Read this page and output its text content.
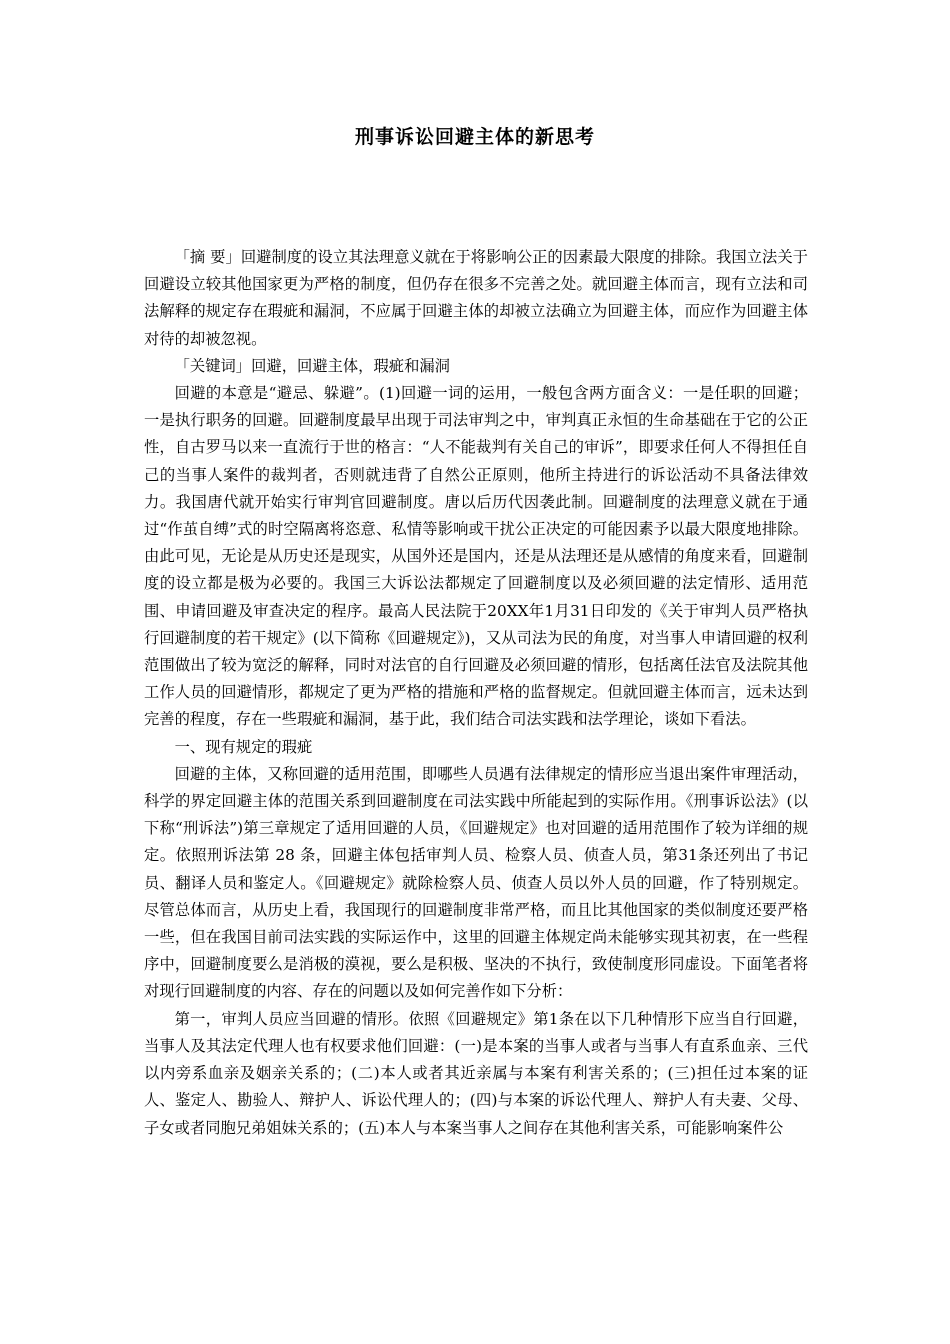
刑事诉讼回避主体的新思考

「摘 要」回避制度的设立其法理意义就在于将影响公正的因素最大限度的排除。我国立法关于回避设立较其他国家更为严格的制度，但仍存在很多不完善之处。就回避主体而言，现有立法和司法解释的规定存在瑕疵和漏洞，不应属于回避主体的却被立法确立为回避主体，而应作为回避主体对待的却被忽视。

「关键词」回避，回避主体，瑕疵和漏洞

回避的本意是“避忌、躲避”。(1)回避一词的运用，一般包含两方面含义：一是任职的回避；一是执行职务的回避。回避制度最早出现于司法审判之中，审判真正永恒的生命基础在于它的公正性，自古罗马以来一直流行于世的格言：“人不能裁判有关自己的审诉”，即要求任何人不得担任自己的当事人案件的裁判者，否则就违背了自然公正原则，他所主持进行的诉讼活动不具备法律效力。我国唐代就开始实行审判官回避制度。唐以后历代因袭此制。回避制度的法理意义就在于通过“作茧自缚”式的时空隔离将恣意、私情等影响或干扰公正决定的可能因素予以最大限度地排除。由此可见，无论是从历史还是现实，从国外还是国内，还是从法理还是从感情的角度来看，回避制度的设立都是极为必要的。我国三大诉讼法都规定了回避制度以及必须回避的法定情形、适用范围、申请回避及审查决定的程序。最高人民法院于20XX年1月31日印发的《关于审判人员严格执行回避制度的若干规定》(以下简称《回避规定》)，又从司法为民的角度，对当事人申请回避的权利范围做出了较为宽泛的解释，同时对法官的自行回避及必须回避的情形，包括离任法官及法院其他工作人员的回避情形，都规定了更为严格的措施和严格的监督规定。但就回避主体而言，远未达到完善的程度，存在一些瑕疵和漏洞，基于此，我们结合司法实践和法学理论，谈如下看法。

一、现有规定的瑕疵

回避的主体，又称回避的适用范围，即哪些人员遇有法律规定的情形应当退出案件审理活动，科学的界定回避主体的范围关系到回避制度在司法实践中所能起到的实际作用。《刑事诉讼法》(以下称“刑诉法”)第三章规定了适用回避的人员，《回避规定》也对回避的适用范围作了较为详细的规定。依照刑诉法第 28 条，回避主体包括审判人员、检察人员、侦查人员，第31条还列出了书记员、翻译人员和鉴定人。《回避规定》就除检察人员、侦查人员以外人员的回避，作了特别规定。尽管总体而言，从历史上看，我国现行的回避制度非常严格，而且比其他国家的类似制度还要严格一些，但在我国目前司法实践的实际运作中，这里的回避主体规定尚未能够实现其初衷，在一些程序中，回避制度要么是消极的漠视，要么是积极、坚决的不执行，致使制度形同虚设。下面笔者将对现行回避制度的内容、存在的问题以及如何完善作如下分析：

第一，审判人员应当回避的情形。依照《回避规定》第1条在以下几种情形下应当自行回避，当事人及其法定代理人也有权要求他们回避：(一)是本案的当事人或者与当事人有直系血亲、三代以内旁系血亲及姻亲关系的；(二)本人或者其近亲属与本案有利害关系的；(三)担任过本案的证人、鉴定人、勘验人、辩护人、诉讼代理人的；(四)与本案的诉讼代理人、辩护人有夫妻、父母、子女或者同胞兄弟姐妹关系的；(五)本人与本案当事人之间存在其他利害关系，可能影响案件公
